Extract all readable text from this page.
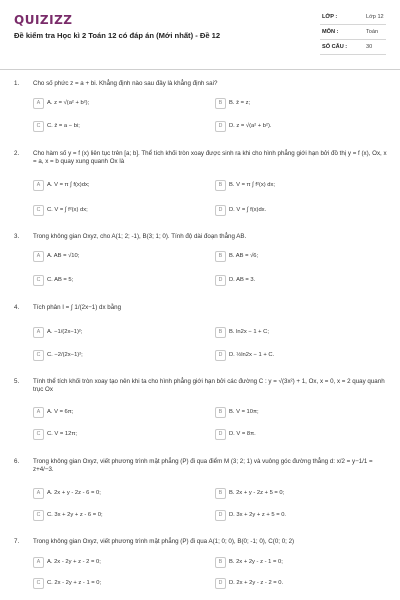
QUIZIZZ
Đề kiểm tra Học kì 2 Toán 12 có đáp án (Mới nhất) - Đề 12
LỚP :	Lớp 12
MÔN :	Toán
SỐ CÂU :	30
1. Cho số phức z = a + bi. Khẳng định nào sau đây là khẳng định sai?
A	A. z = √(a² + b²);	B	B. z̄ = z;
C	C. z̄ = a − bi;	D	D. z = √(a² + b²).
2. Cho hàm số y = f (x) liên tục trên [a; b]. Thể tích khối tròn xoay được sinh ra khi cho hình phẳng giới hạn bởi đồ thị y = f (x), Ox, x = a, x = b quay xung quanh Ox là
A	A. V = π ∫ f(x)dx;	B	B. V = π ∫ f²(x) dx;
C	C. V = ∫ f²(x) dx;	D	D. V = ∫ f(x)dx.
3. Trong không gian Oxyz, cho A(1; 2; -1), B(3; 1; 0). Tính độ dài đoạn thẳng AB.
A	A. AB = √10;	B	B. AB = √6;
C	C. AB = 5;	D	D. AB = 3.
4. Tích phân I = ∫ 1/(2x−1) dx bằng
A	A. −1/(2x−1)²;	B	B. ln2x − 1 + C;
C	C. −2/(2x−1)²;	D	D. ½ln2x − 1 + C.
5. Tính thể tích khối tròn xoay tạo nên khi ta cho hình phẳng giới hạn bởi các đường C : y = √(3x²) + 1, Ox, x = 0, x = 2 quay quanh trục Ox
A	A. V = 6π;	B	B. V = 10π;
C	C. V = 12π;	D	D. V = 8π.
6. Trong không gian Oxyz, viết phương trình mặt phẳng (P) đi qua điểm M (3; 2; 1) và vuông góc đường thẳng d: x/2 = y−1/1 = z+4/−3.
A	A. 2x + y - 2z - 6 = 0;	B	B. 2x + y - 2z + 5 = 0;
C	C. 3x + 2y + z - 6 = 0;	D	D. 3x + 2y + z + 5 = 0.
7. Trong không gian Oxyz, viết phương trình mặt phẳng (P) đi qua A(1; 0; 0), B(0; -1; 0), C(0; 0; 2)
A	A. 2x - 2y + z - 2 = 0;	B	B. 2x + 2y - z - 1 = 0;
C	C. 2x - 2y + z - 1 = 0;	D	D. 2x + 2y - z - 2 = 0.
